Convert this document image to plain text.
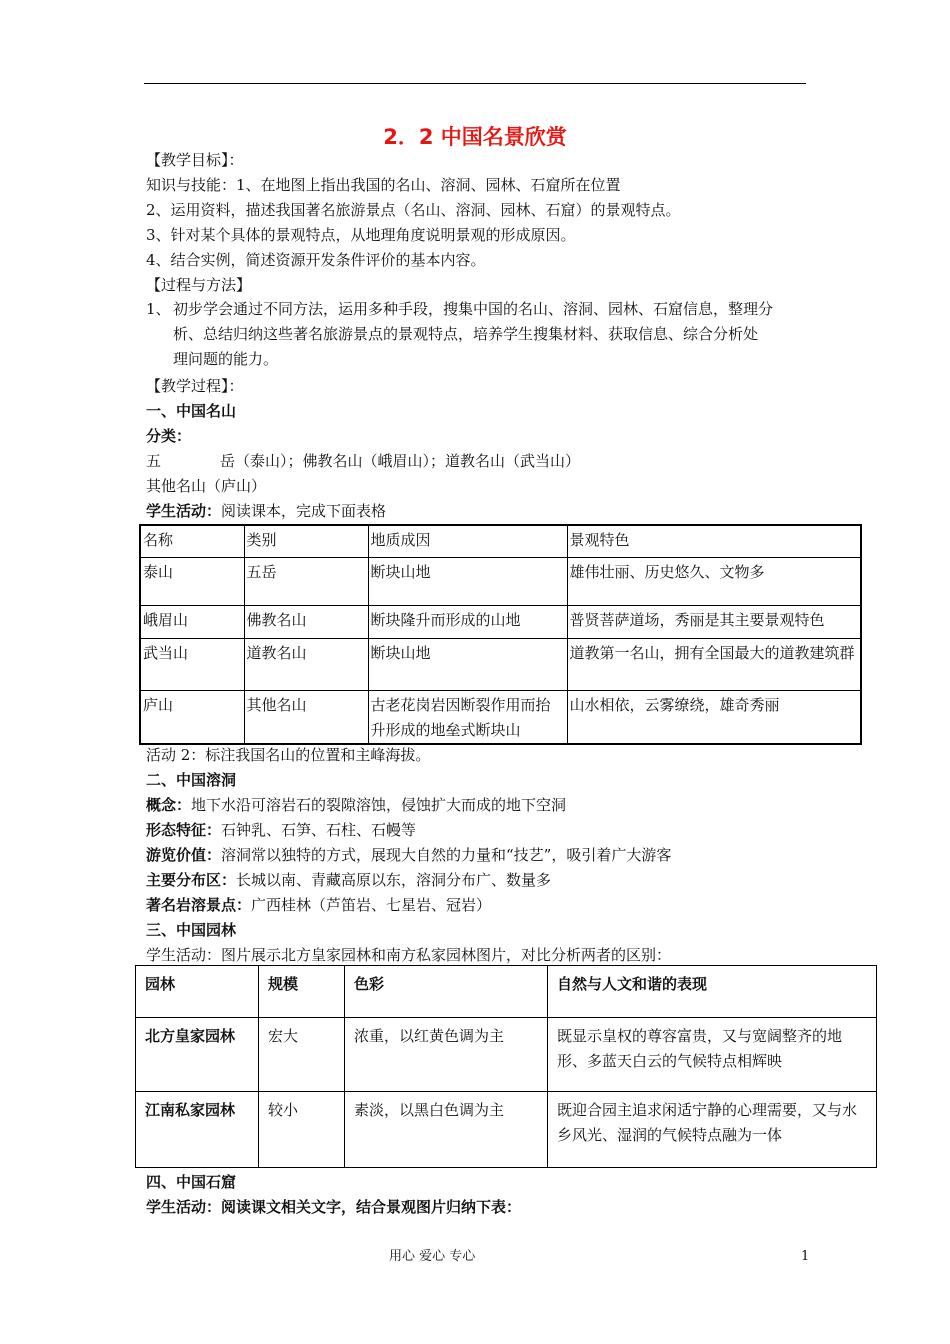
2．2 中国名景欣赏
【教学目标】：
知识与技能：1、在地图上指出我国的名山、溶洞、园林、石窟所在位置
2、运用资料，描述我国著名旅游景点（名山、溶洞、园林、石窟）的景观特点。
3、针对某个具体的景观特点，从地理角度说明景观的形成原因。
4、结合实例，简述资源开发条件评价的基本内容。
【过程与方法】
1、 初步学会通过不同方法，运用多种手段，搜集中国的名山、溶洞、园林、石窟信息，整理分
析、总结归纳这些著名旅游景点的景观特点，培养学生搜集材料、获取信息、综合分析处
理问题的能力。
【教学过程】：
一、中国名山
分类：
五	岳（泰山）；佛教名山（峨眉山）；道教名山（武当山）
其他名山（庐山）
学生活动：阅读课本，完成下面表格
名称	类别	地质成因	景观特色
泰山	五岳	断块山地	雄伟壮丽、历史悠久、文物多
峨眉山	佛教名山	断块隆升而形成的山地	普贤菩萨道场，秀丽是其主要景观特色
武当山	道教名山	断块山地	道教第一名山，拥有全国最大的道教建筑群
庐山	其他名山	古老花岗岩因断裂作用而抬升形成的地垒式断块山	山水相依，云雾缭绕，雄奇秀丽
活动 2：标注我国名山的位置和主峰海拔。
二、中国溶洞
概念：地下水沿可溶岩石的裂隙溶蚀，侵蚀扩大而成的地下空洞
形态特征：石钟乳、石笋、石柱、石幔等
游览价值：溶洞常以独特的方式，展现大自然的力量和“技艺”，吸引着广大游客
主要分布区：长城以南、青藏高原以东，溶洞分布广、数量多
著名岩溶景点：广西桂林（芦笛岩、七星岩、冠岩）
三、中国园林
学生活动：图片展示北方皇家园林和南方私家园林图片，对比分析两者的区别：
园林	规模	色彩	自然与人文和谐的表现
北方皇家园林	宏大	浓重，以红黄色调为主	既显示皇权的尊容富贵，又与宽阔整齐的地形、多蓝天白云的气候特点相辉映
江南私家园林	较小	素淡，以黑白色调为主	既迎合园主追求闲适宁静的心理需要，又与水乡风光、湿润的气候特点融为一体
四、中国石窟
学生活动：阅读课文相关文字，结合景观图片归纳下表：
用心 爱心 专心	1
